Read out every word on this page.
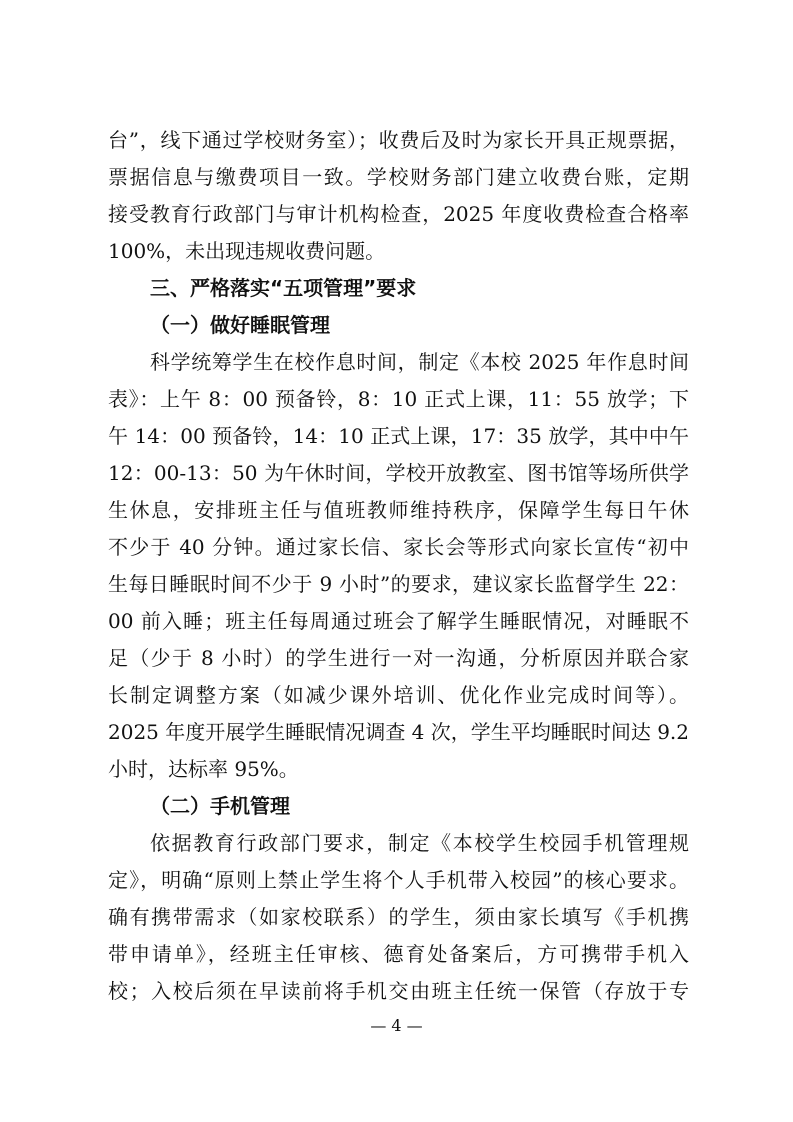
台”，线下通过学校财务室）；收费后及时为家长开具正规票据，
票据信息与缴费项目一致。学校财务部门建立收费台账，定期
接受教育行政部门与审计机构检查，2025 年度收费检查合格率
100%，未出现违规收费问题。
三、严格落实“五项管理”要求
（一）做好睡眠管理
科学统筹学生在校作息时间，制定《本校 2025 年作息时间
表》：上午 8：00 预备铃，8：10 正式上课，11：55 放学；下
午 14：00 预备铃，14：10 正式上课，17：35 放学，其中中午
12：00-13：50 为午休时间，学校开放教室、图书馆等场所供学
生休息，安排班主任与值班教师维持秩序，保障学生每日午休
不少于 40 分钟。通过家长信、家长会等形式向家长宣传“初中
生每日睡眠时间不少于 9 小时”的要求，建议家长监督学生 22：
00 前入睡；班主任每周通过班会了解学生睡眠情况，对睡眠不
足（少于 8 小时）的学生进行一对一沟通，分析原因并联合家
长制定调整方案（如减少课外培训、优化作业完成时间等）。
2025 年度开展学生睡眠情况调查 4 次，学生平均睡眠时间达 9.2
小时，达标率 95%。
（二）手机管理
依据教育行政部门要求，制定《本校学生校园手机管理规
定》，明确“原则上禁止学生将个人手机带入校园”的核心要求。
确有携带需求（如家校联系）的学生，须由家长填写《手机携
带申请单》，经班主任审核、德育处备案后，方可携带手机入
校；入校后须在早读前将手机交由班主任统一保管（存放于专
— 4 —
